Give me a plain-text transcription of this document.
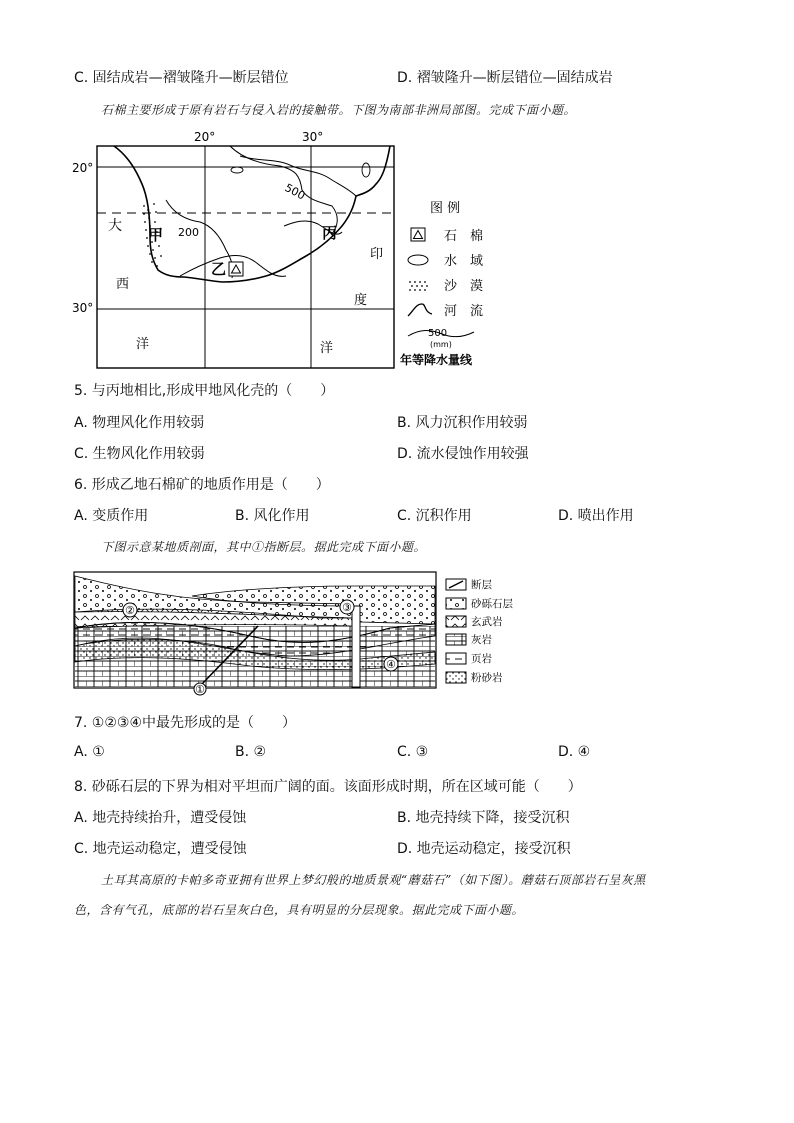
C. 固结成岩—褶皱隆升—断层错位	D. 褶皱隆升—断层错位—固结成岩
石棉主要形成于原有岩石与侵入岩的接触带。下图为南部非洲局部图。完成下面小题。
20°	30°
20°
30°
500
200
大
西
洋
甲
乙
丙
印
度
洋
图 例
石　棉
水　域
沙　漠
河　流
500
(mm)
年等降水量线
5. 与丙地相比,形成甲地风化壳的（　　）
A. 物理风化作用较弱	B. 风力沉积作用较弱
C. 生物风化作用较弱	D. 流水侵蚀作用较强
6. 形成乙地石棉矿的地质作用是（　　）
A. 变质作用	B. 风化作用	C. 沉积作用	D. 喷出作用
下图示意某地质剖面，其中①指断层。据此完成下面小题。
②	③
④
①
断层
砂砾石层
玄武岩
灰岩
页岩
粉砂岩
7. ①②③④中最先形成的是（　　）
A. ①	B. ②	C. ③	D. ④
8. 砂砾石层的下界为相对平坦而广阔的面。该面形成时期，所在区域可能（　　）
A. 地壳持续抬升，遭受侵蚀	B. 地壳持续下降，接受沉积
C. 地壳运动稳定，遭受侵蚀	D. 地壳运动稳定，接受沉积
土耳其高原的卡帕多奇亚拥有世界上梦幻般的地质景观“蘑菇石”（如下图）。蘑菇石顶部岩石呈灰黑
色，含有气孔，底部的岩石呈灰白色，具有明显的分层现象。据此完成下面小题。
